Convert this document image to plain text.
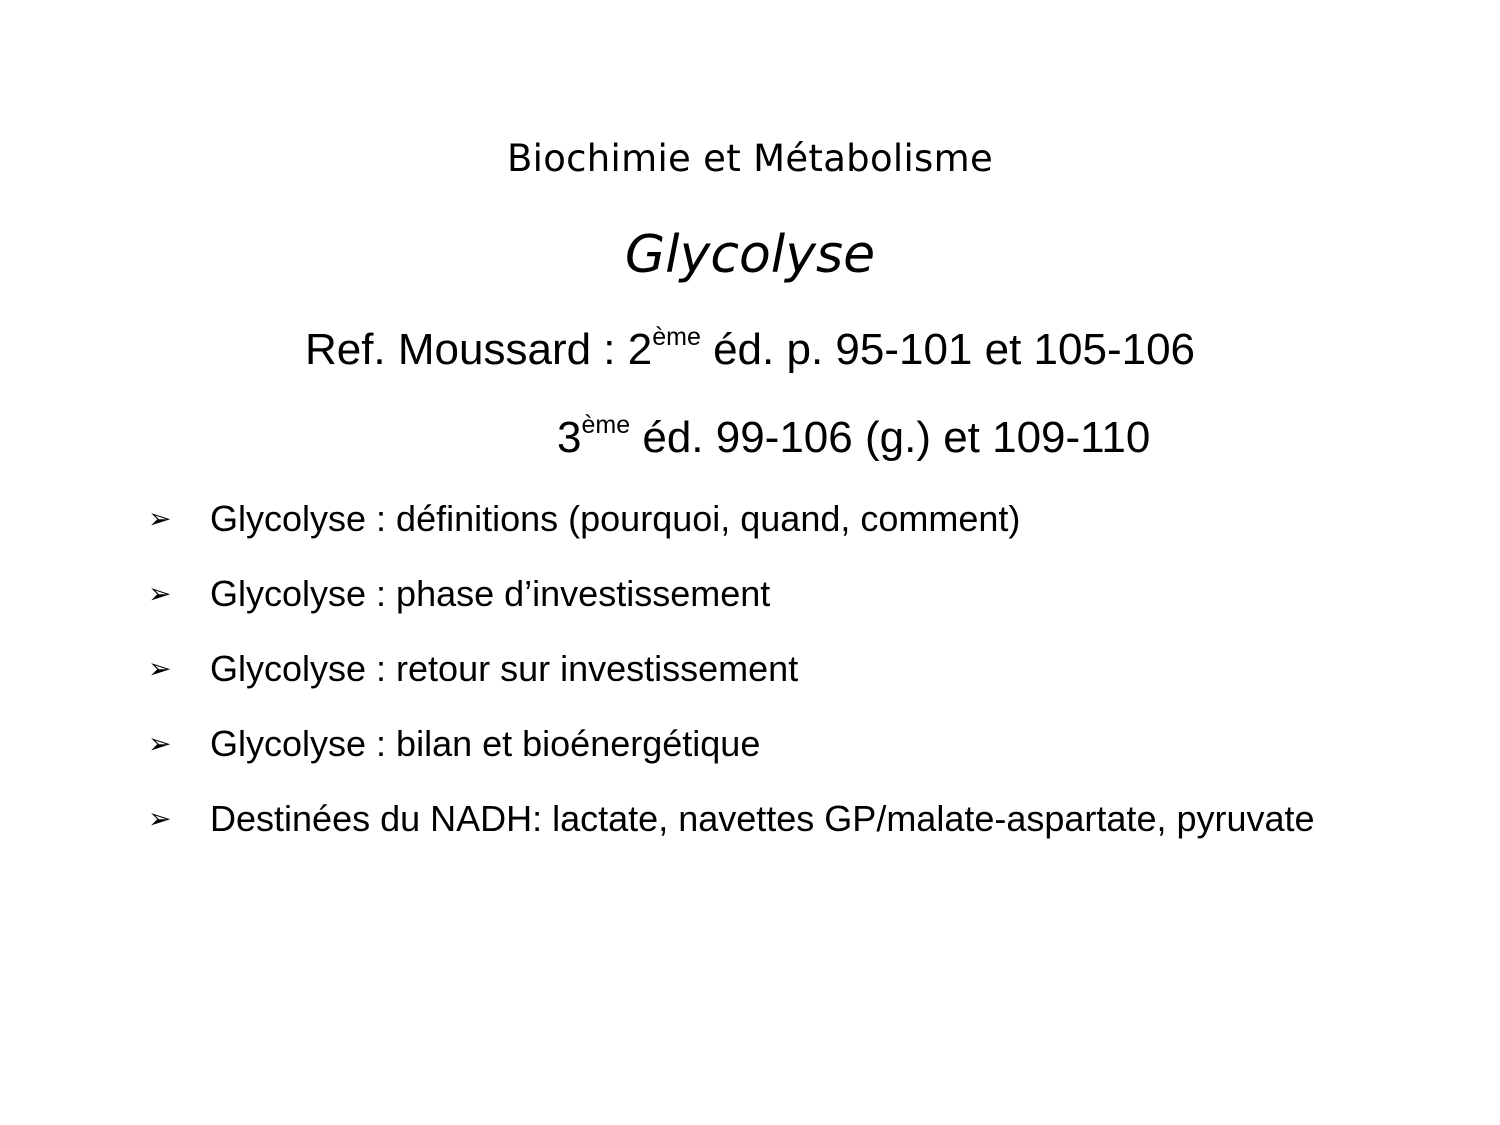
Biochimie et Métabolisme
Glycolyse
Ref. Moussard : 2ème éd. p. 95-101 et 105-106
3ème éd. 99-106 (g.) et 109-110
➢ Glycolyse : définitions (pourquoi, quand, comment)
➢ Glycolyse : phase d’investissement
➢ Glycolyse : retour sur investissement
➢ Glycolyse : bilan et bioénergétique
➢ Destinées du NADH: lactate, navettes GP/malate-aspartate, pyruvate
